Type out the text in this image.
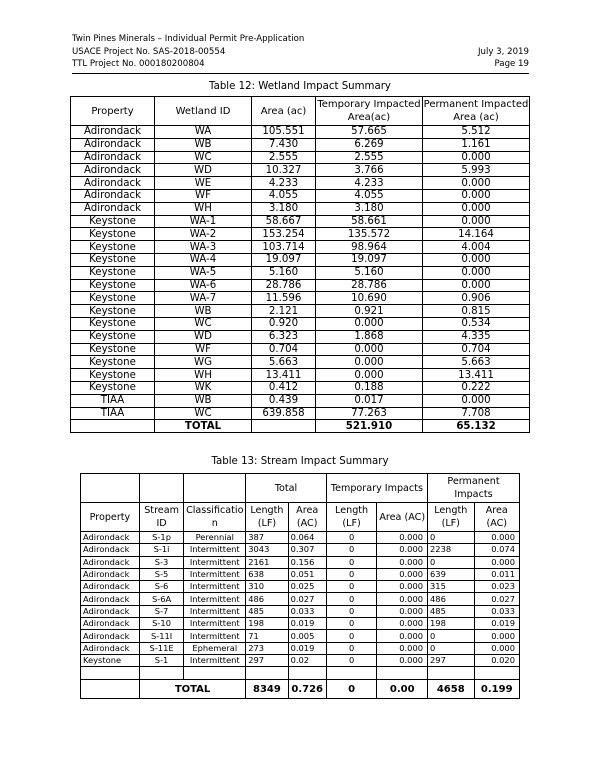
Twin Pines Minerals – Individual Permit Pre-Application
USACE Project No. SAS-2018-00554	July 3, 2019
TTL Project No. 000180200804	Page 19
Table 12: Wetland Impact Summary
Property	Wetland ID	Area (ac)	Temporary Impacted Area(ac)	Permanent Impacted Area (ac)
Adirondack	WA	105.551	57.665	5.512
Adirondack	WB	7.430	6.269	1.161
Adirondack	WC	2.555	2.555	0.000
Adirondack	WD	10.327	3.766	5.993
Adirondack	WE	4.233	4.233	0.000
Adirondack	WF	4.055	4.055	0.000
Adirondack	WH	3.180	3.180	0.000
Keystone	WA-1	58.667	58.661	0.000
Keystone	WA-2	153.254	135.572	14.164
Keystone	WA-3	103.714	98.964	4.004
Keystone	WA-4	19.097	19.097	0.000
Keystone	WA-5	5.160	5.160	0.000
Keystone	WA-6	28.786	28.786	0.000
Keystone	WA-7	11.596	10.690	0.906
Keystone	WB	2.121	0.921	0.815
Keystone	WC	0.920	0.000	0.534
Keystone	WD	6.323	1.868	4.335
Keystone	WF	0.704	0.000	0.704
Keystone	WG	5.663	0.000	5.663
Keystone	WH	13.411	0.000	13.411
Keystone	WK	0.412	0.188	0.222
TIAA	WB	0.439	0.017	0.000
TIAA	WC	639.858	77.263	7.708
	TOTAL		521.910	65.132
Table 13: Stream Impact Summary
			Total		Temporary Impacts		Permanent Impacts	
Property	Stream ID	Classification	Length (LF)	Area (AC)	Length (LF)	Area (AC)	Length (LF)	Area (AC)
Adirondack	S-1p	Perennial	387	0.064	0	0.000	0	0.000
Adirondack	S-1i	Intermittent	3043	0.307	0	0.000	2238	0.074
Adirondack	S-3	Intermittent	2161	0.156	0	0.000	0	0.000
Adirondack	S-5	Intermittent	638	0.051	0	0.000	639	0.011
Adirondack	S-6	Intermittent	310	0.025	0	0.000	315	0.023
Adirondack	S-6A	Intermittent	486	0.027	0	0.000	486	0.027
Adirondack	S-7	Intermittent	485	0.033	0	0.000	485	0.033
Adirondack	S-10	Intermittent	198	0.019	0	0.000	198	0.019
Adirondack	S-11I	Intermittent	71	0.005	0	0.000	0	0.000
Adirondack	S-11E	Ephemeral	273	0.019	0	0.000	0	0.000
Keystone	S-1	Intermittent	297	0.02	0	0.000	297	0.020

	TOTAL		8349	0.726	0	0.00	4658	0.199
